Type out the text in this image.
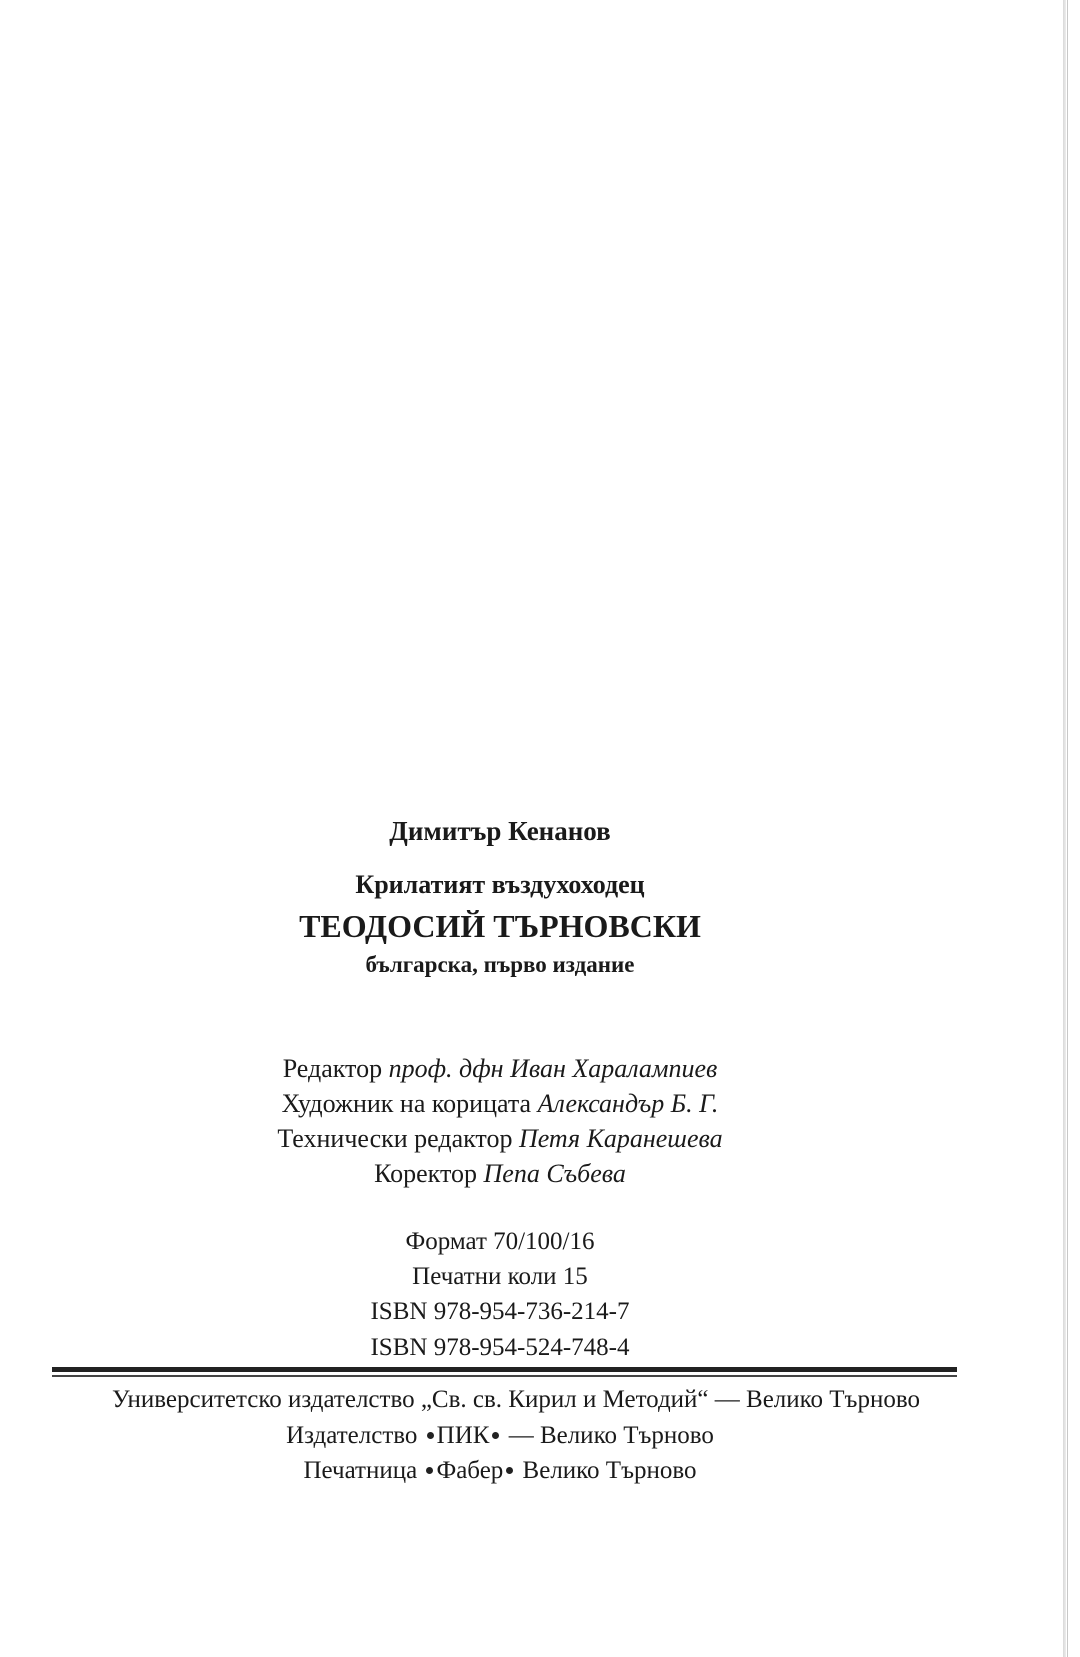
Димитър Кенанов
Крилатият въздухоходец
ТЕОДОСИЙ ТЪРНОВСКИ
българска, първо издание
Редактор проф. дфн Иван Харалампиев
Художник на корицата Александър Б. Г.
Технически редактор Петя Каранешева
Коректор Пепа Събева
Формат 70/100/16
Печатни коли 15
ISBN 978-954-736-214-7
ISBN 978-954-524-748-4
Университетско издателство „Св. св. Кирил и Методий“ — Велико Търново
Издателство ПИК — Велико Търново
Печатница Фабер Велико Търново
